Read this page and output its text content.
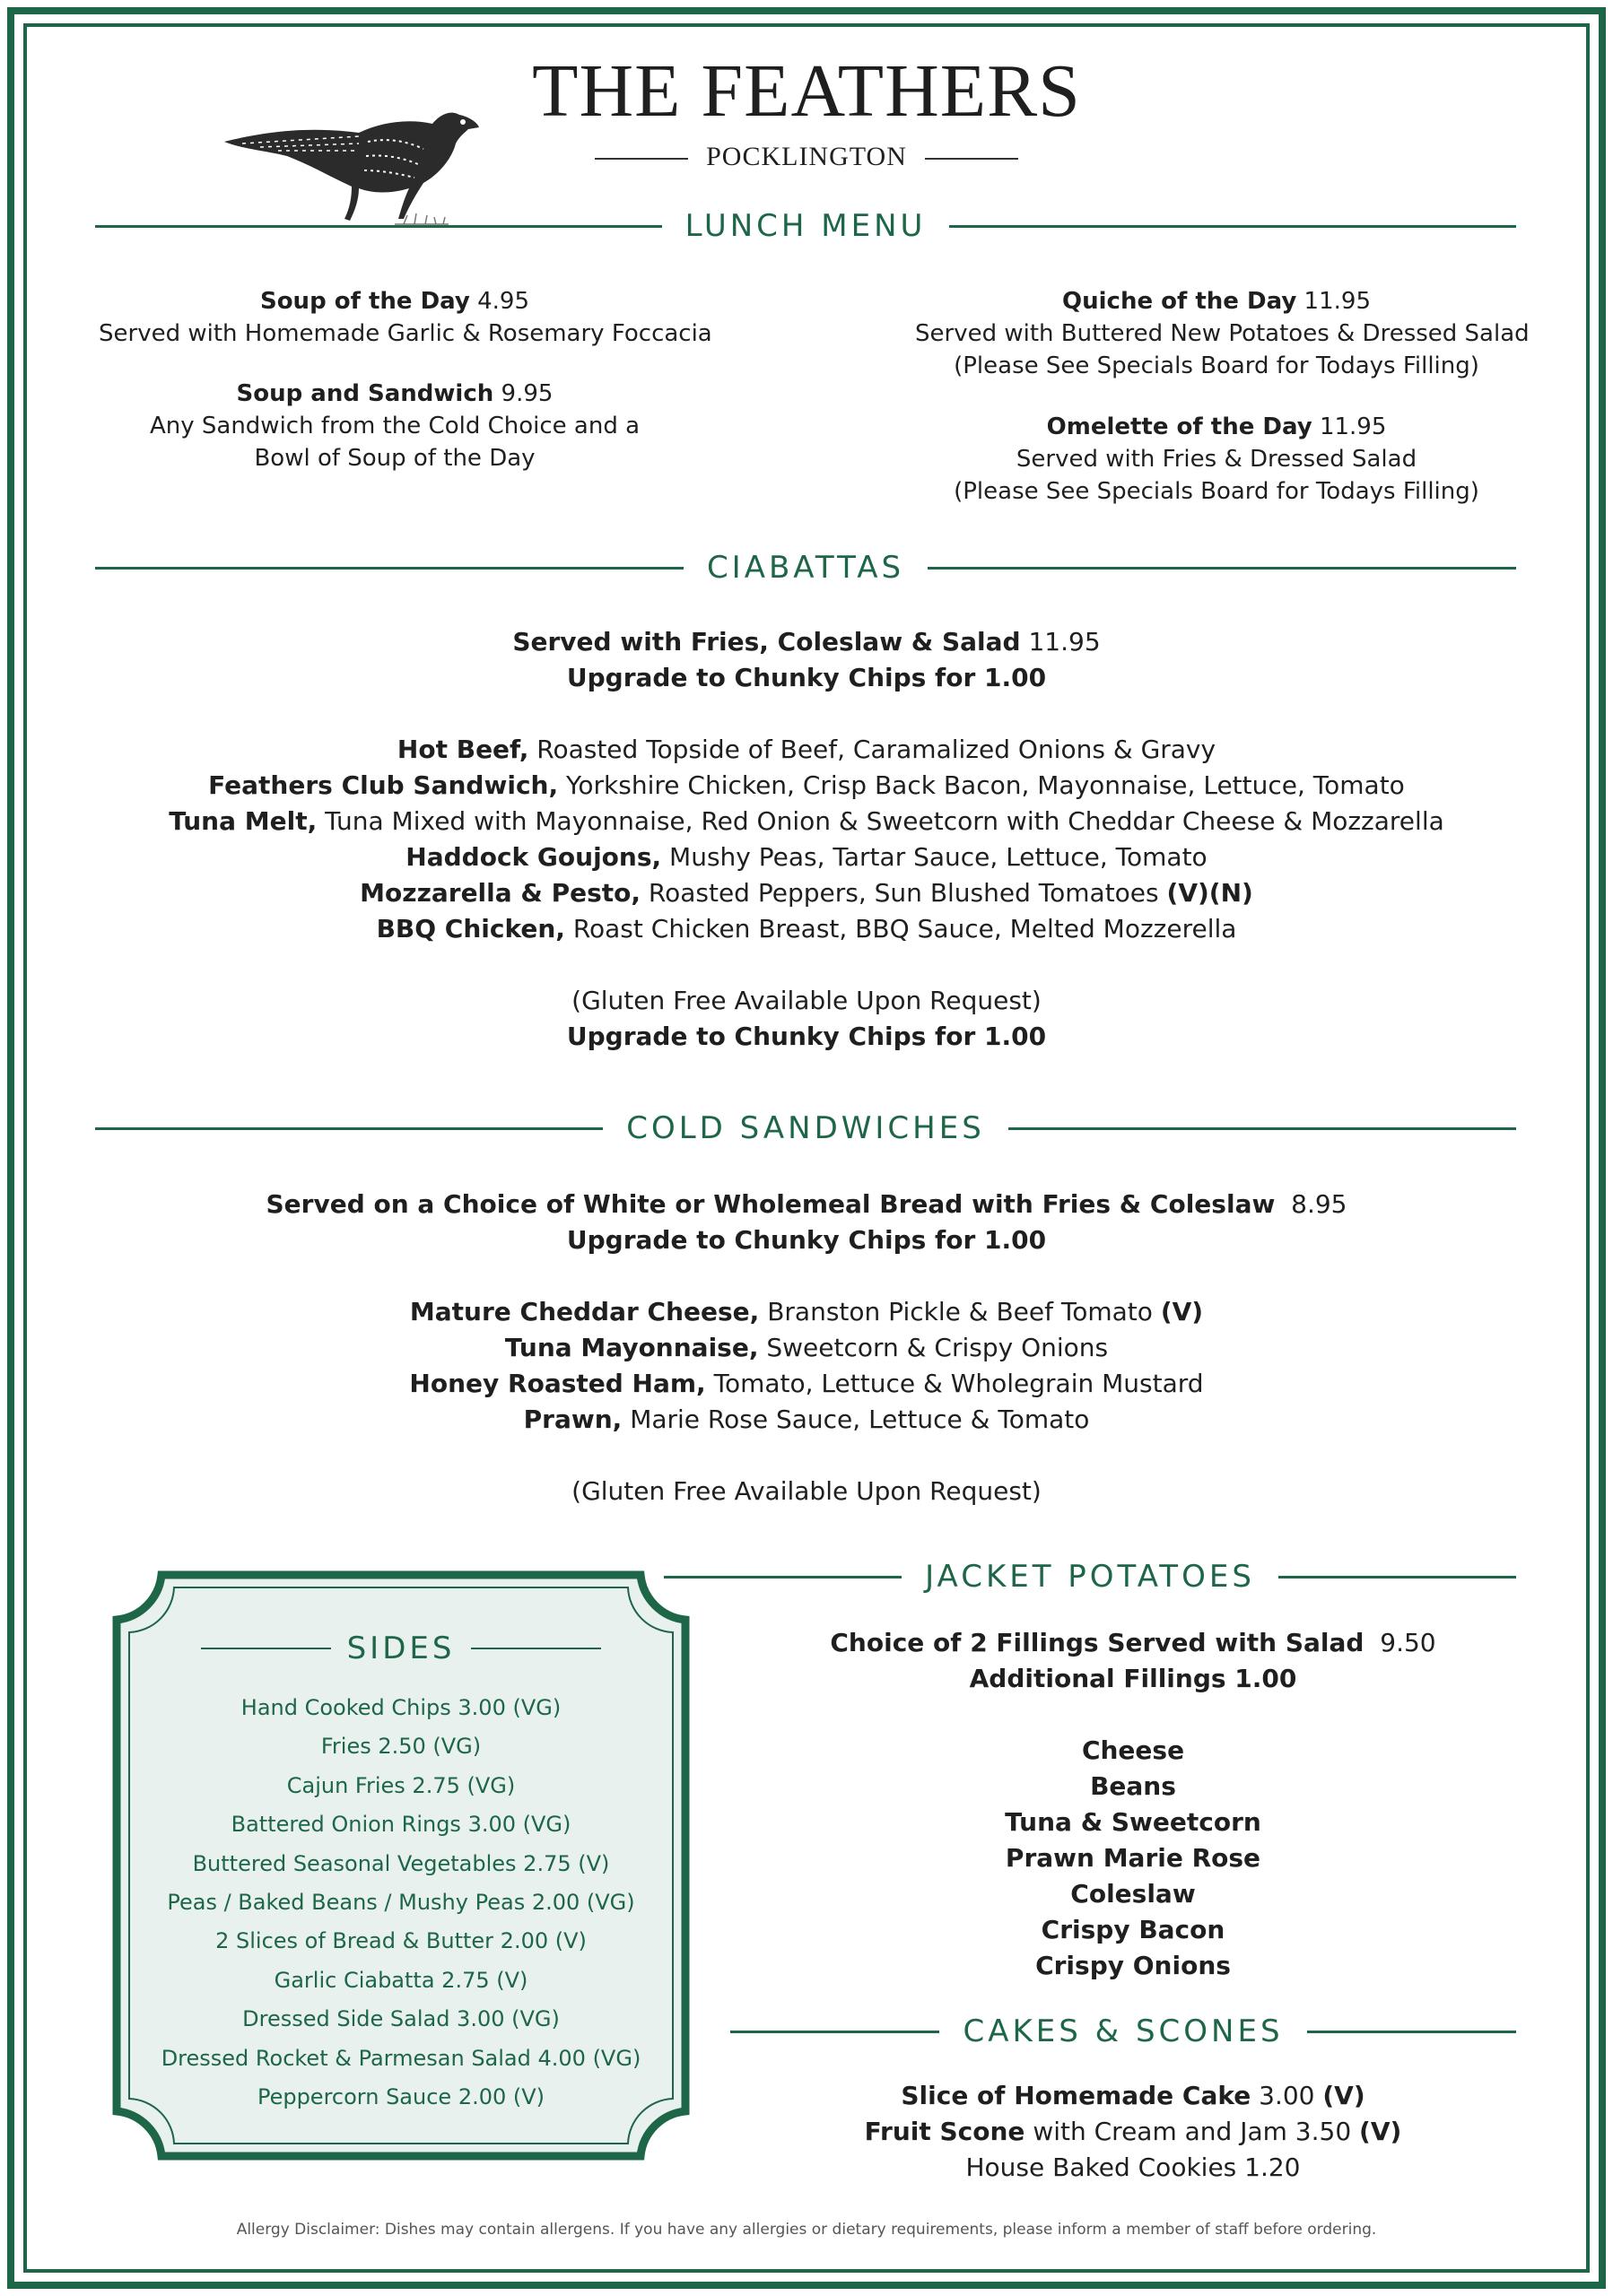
THE FEATHERS
POCKLINGTON
LUNCH MENU
Soup of the Day 4.95
Served with Homemade Garlic & Rosemary Foccacia
Soup and Sandwich 9.95
Any Sandwich from the Cold Choice and a
Bowl of Soup of the Day
Quiche of the Day 11.95
Served with Buttered New Potatoes & Dressed Salad
(Please See Specials Board for Todays Filling)
Omelette of the Day 11.95
Served with Fries & Dressed Salad
(Please See Specials Board for Todays Filling)
CIABATTAS
Served with Fries, Coleslaw & Salad 11.95
Upgrade to Chunky Chips for 1.00
Hot Beef, Roasted Topside of Beef, Caramalized Onions & Gravy
Feathers Club Sandwich, Yorkshire Chicken, Crisp Back Bacon, Mayonnaise, Lettuce, Tomato
Tuna Melt, Tuna Mixed with Mayonnaise, Red Onion & Sweetcorn with Cheddar Cheese & Mozzarella
Haddock Goujons, Mushy Peas, Tartar Sauce, Lettuce, Tomato
Mozzarella & Pesto, Roasted Peppers, Sun Blushed Tomatoes (V)(N)
BBQ Chicken, Roast Chicken Breast, BBQ Sauce, Melted Mozzerella
(Gluten Free Available Upon Request)
Upgrade to Chunky Chips for 1.00
COLD SANDWICHES
Served on a Choice of White or Wholemeal Bread with Fries & Coleslaw 8.95
Upgrade to Chunky Chips for 1.00
Mature Cheddar Cheese, Branston Pickle & Beef Tomato (V)
Tuna Mayonnaise, Sweetcorn & Crispy Onions
Honey Roasted Ham, Tomato, Lettuce & Wholegrain Mustard
Prawn, Marie Rose Sauce, Lettuce & Tomato
(Gluten Free Available Upon Request)
JACKET POTATOES
Choice of 2 Fillings Served with Salad 9.50
Additional Fillings 1.00
Cheese
Beans
Tuna & Sweetcorn
Prawn Marie Rose
Coleslaw
Crispy Bacon
Crispy Onions
CAKES & SCONES
Slice of Homemade Cake 3.00 (V)
Fruit Scone with Cream and Jam 3.50 (V)
House Baked Cookies 1.20
SIDES
Hand Cooked Chips 3.00 (VG)
Fries 2.50 (VG)
Cajun Fries 2.75 (VG)
Battered Onion Rings 3.00 (VG)
Buttered Seasonal Vegetables 2.75 (V)
Peas / Baked Beans / Mushy Peas 2.00 (VG)
2 Slices of Bread & Butter 2.00 (V)
Garlic Ciabatta 2.75 (V)
Dressed Side Salad 3.00 (VG)
Dressed Rocket & Parmesan Salad 4.00 (VG)
Peppercorn Sauce 2.00 (V)
Allergy Disclaimer: Dishes may contain allergens. If you have any allergies or dietary requirements, please inform a member of staff before ordering.
